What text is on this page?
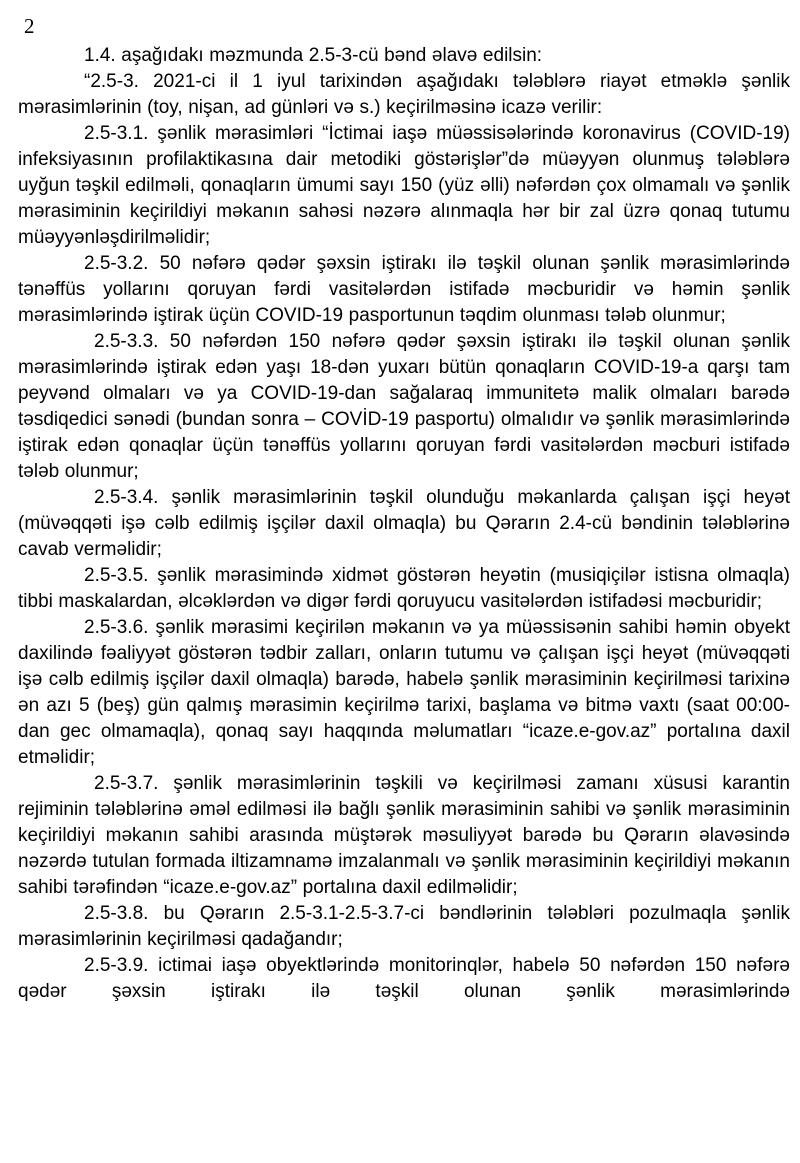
2

1.4. aşağıdakı məzmunda 2.5-3-cü bənd əlavə edilsin:

“2.5-3. 2021-ci il 1 iyul tarixindən aşağıdakı tələblərə riayət etməklə şənlik mərasimlərinin (toy, nişan, ad günləri və s.) keçirilməsinə icazə verilir:

2.5-3.1. şənlik mərasimləri “İctimai iaşə müəssisələrində koronavirus (COVID-19) infeksiyasının profilaktikasına dair metodiki göstərişlər”də müəyyən olunmuş tələblərə uyğun təşkil edilməli, qonaqların ümumi sayı 150 (yüz əlli) nəfərdən çox olmamalı və şənlik mərasiminin keçirildiyi məkanın sahəsi nəzərə alınmaqla hər bir zal üzrə qonaq tutumu müəyyənləşdirilməlidir;

2.5-3.2. 50 nəfərə qədər şəxsin iştirakı ilə təşkil olunan şənlik mərasimlərində tənəffüs yollarını qoruyan fərdi vasitələrdən istifadə məcburidir və həmin şənlik mərasimlərində iştirak üçün COVID-19 pasportunun təqdim olunması tələb olunmur;

2.5-3.3. 50 nəfərdən 150 nəfərə qədər şəxsin iştirakı ilə təşkil olunan şənlik mərasimlərində iştirak edən yaşı 18-dən yuxarı bütün qonaqların COVID-19-a qarşı tam peyvənd olmaları və ya COVID-19-dan sağalaraq immunitetə malik olmaları barədə təsdiqedici sənədi (bundan sonra – COVİD-19 pasportu) olmalıdır və şənlik mərasimlərində iştirak edən qonaqlar üçün tənəffüs yollarını qoruyan fərdi vasitələrdən məcburi istifadə tələb olunmur;

2.5-3.4. şənlik mərasimlərinin təşkil olunduğu məkanlarda çalışan işçi heyət (müvəqqəti işə cəlb edilmiş işçilər daxil olmaqla) bu Qərarın 2.4-cü bəndinin tələblərinə cavab verməlidir;

2.5-3.5. şənlik mərasimində xidmət göstərən heyətin (musiqiçilər istisna olmaqla) tibbi maskalardan, əlcəklərdən və digər fərdi qoruyucu vasitələrdən istifadəsi məcburidir;

2.5-3.6. şənlik mərasimi keçirilən məkanın və ya müəssisənin sahibi həmin obyekt daxilində fəaliyyət göstərən tədbir zalları, onların tutumu və çalışan işçi heyət (müvəqqəti işə cəlb edilmiş işçilər daxil olmaqla) barədə, habelə şənlik mərasiminin keçirilməsi tarixinə ən azı 5 (beş) gün qalmış mərasimin keçirilmə tarixi, başlama və bitmə vaxtı (saat 00:00-dan gec olmamaqla), qonaq sayı haqqında məlumatları “icaze.e-gov.az” portalına daxil etməlidir;

2.5-3.7. şənlik mərasimlərinin təşkili və keçirilməsi zamanı xüsusi karantin rejiminin tələblərinə əməl edilməsi ilə bağlı şənlik mərasiminin sahibi və şənlik mərasiminin keçirildiyi məkanın sahibi arasında müştərək məsuliyyət barədə bu Qərarın əlavəsində nəzərdə tutulan formada iltizamnamə imzalanmalı və şənlik mərasiminin keçirildiyi məkanın sahibi tərəfindən “icaze.e-gov.az” portalına daxil edilməlidir;

2.5-3.8. bu Qərarın 2.5-3.1-2.5-3.7-ci bəndlərinin tələbləri pozulmaqla şənlik mərasimlərinin keçirilməsi qadağandır;

2.5-3.9. ictimai iaşə obyektlərində monitorinqlər, habelə 50 nəfərdən 150 nəfərə qədər şəxsin iştirakı ilə təşkil olunan şənlik mərasimlərində
